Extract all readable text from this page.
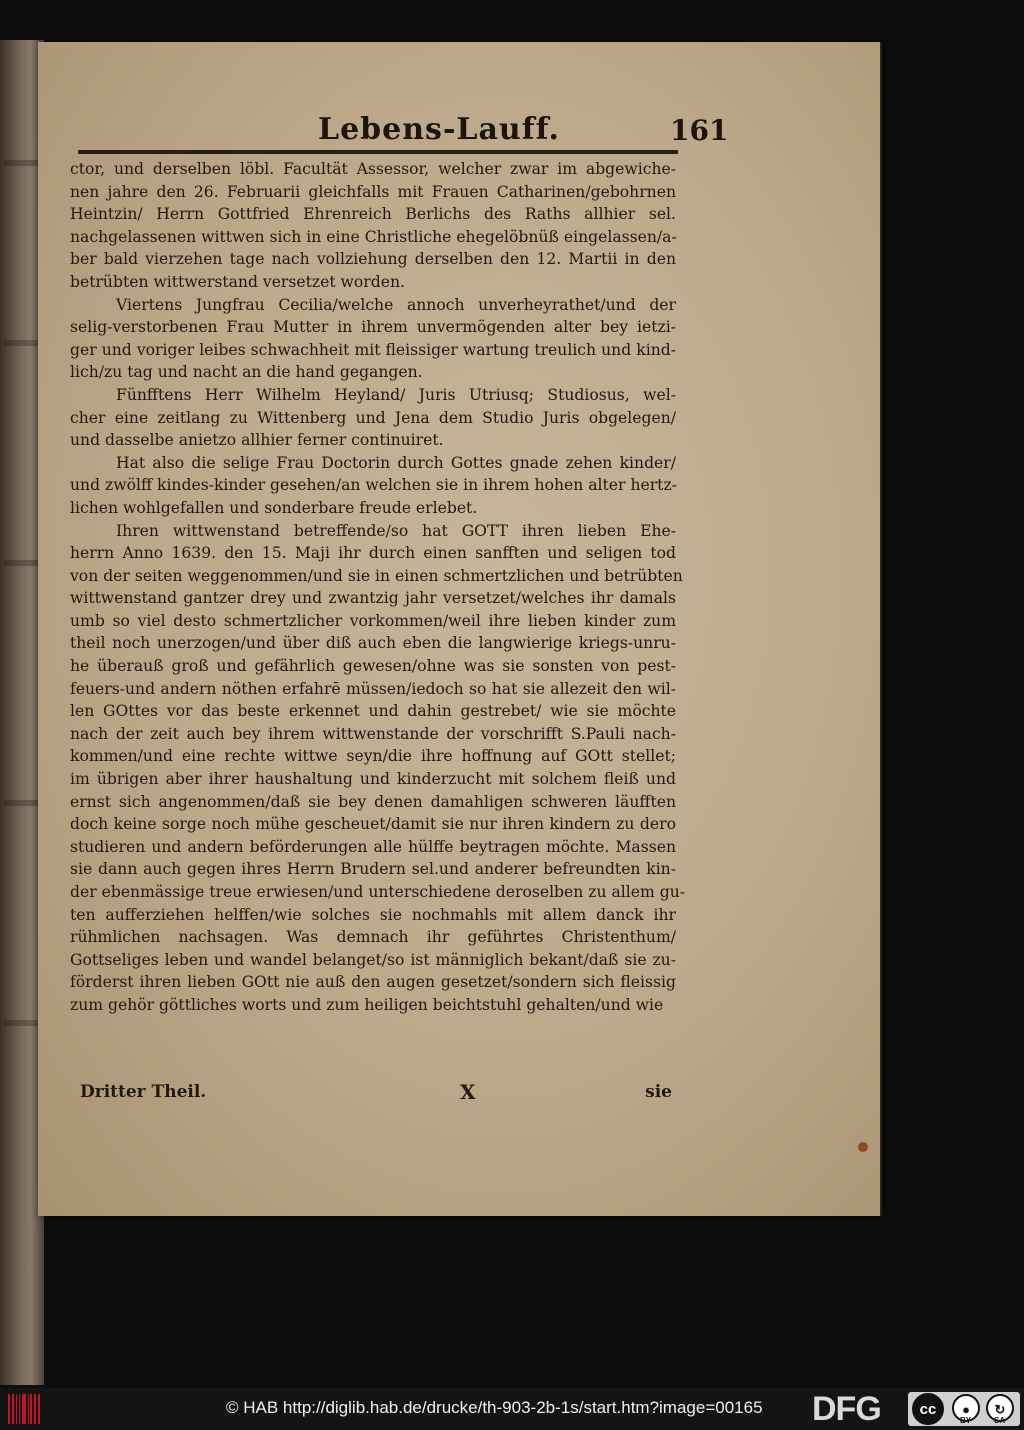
Lebens-Lauff.	161
ctor, und derselben löbl. Facultät Assessor, welcher zwar im abgewiche-
nen jahre den 26. Februarii gleichfalls mit Frauen Catharinen/gebohrnen
Heintzin/ Herrn Gottfried Ehrenreich Berlichs des Raths allhier sel.
nachgelassenen wittwen sich in eine Christliche ehegelöbnüß eingelassen/a-
ber bald vierzehen tage nach vollziehung derselben den 12. Martii in den
betrübten wittwerstand versetzet worden.
Viertens Jungfrau Cecilia/welche annoch unverheyrathet/und der
selig-verstorbenen Frau Mutter in ihrem unvermögenden alter bey ietzi-
ger und voriger leibes schwachheit mit fleissiger wartung treulich und kind-
lich/zu tag und nacht an die hand gegangen.
Fünfftens Herr Wilhelm Heyland/ Juris Utriusq; Studiosus, wel-
cher eine zeitlang zu Wittenberg und Jena dem Studio Juris obgelegen/
und dasselbe anietzo allhier ferner continuiret.
Hat also die selige Frau Doctorin durch Gottes gnade zehen kinder/
und zwölff kindes-kinder gesehen/an welchen sie in ihrem hohen alter hertz-
lichen wohlgefallen und sonderbare freude erlebet.
Ihren wittwenstand betreffende/so hat GOTT ihren lieben Ehe-
herrn Anno 1639. den 15. Maji ihr durch einen sanfften und seligen tod
von der seiten weggenommen/und sie in einen schmertzlichen und betrübten
wittwenstand gantzer drey und zwantzig jahr versetzet/welches ihr damals
umb so viel desto schmertzlicher vorkommen/weil ihre lieben kinder zum
theil noch unerzogen/und über diß auch eben die langwierige kriegs-unru-
he überauß groß und gefährlich gewesen/ohne was sie sonsten von pest-
feuers-und andern nöthen erfahrē müssen/iedoch so hat sie allezeit den wil-
len GOttes vor das beste erkennet und dahin gestrebet/ wie sie möchte
nach der zeit auch bey ihrem wittwenstande der vorschrifft S.Pauli nach-
kommen/und eine rechte wittwe seyn/die ihre hoffnung auf GOtt stellet;
im übrigen aber ihrer haushaltung und kinderzucht mit solchem fleiß und
ernst sich angenommen/daß sie bey denen damahligen schweren läufften
doch keine sorge noch mühe gescheuet/damit sie nur ihren kindern zu dero
studieren und andern beförderungen alle hülffe beytragen möchte. Massen
sie dann auch gegen ihres Herrn Brudern sel.und anderer befreundten kin-
der ebenmässige treue erwiesen/und unterschiedene deroselben zu allem gu-
ten aufferziehen helffen/wie solches sie nochmahls mit allem danck ihr
rühmlichen nachsagen. Was demnach ihr geführtes Christenthum/
Gottseliges leben und wandel belanget/so ist männiglich bekant/daß sie zu-
förderst ihren lieben GOtt nie auß den augen gesetzet/sondern sich fleissig
zum gehör göttliches worts und zum heiligen beichtstuhl gehalten/und wie
Dritter Theil.	X	sie
© HAB http://diglib.hab.de/drucke/th-903-2b-1s/start.htm?image=00165 DFG	cc	●	↻
BY	SA
